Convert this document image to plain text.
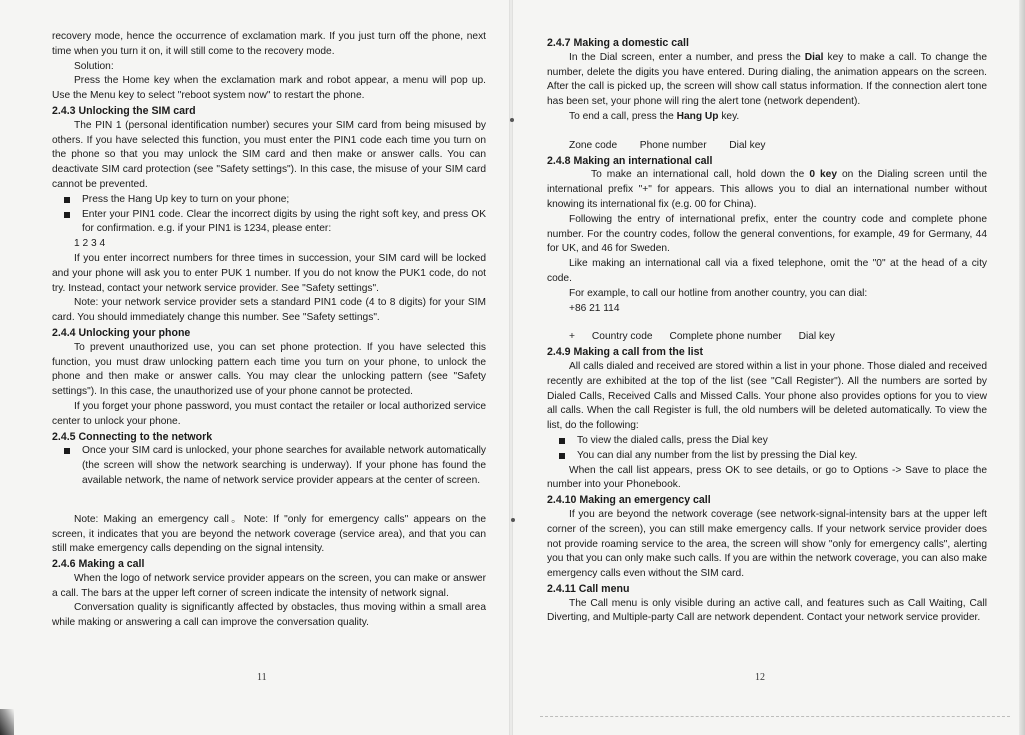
recovery mode, hence the occurrence of exclamation mark. If you just turn off the phone, next time when you turn it on, it will still come to the recovery mode.

Solution:

Press the Home key when the exclamation mark and robot appear, a menu will pop up. Use the Menu key to select "reboot system now" to restart the phone.

2.4.3 Unlocking the SIM card

The PIN 1 (personal identification number) secures your SIM card from being misused by others. If you have selected this function, you must enter the PIN1 code each time you turn on the phone so that you may unlock the SIM card and then make or answer calls. You can deactivate SIM card protection (see "Safety settings"). In this case, the misuse of your SIM card cannot be prevented.

Press the Hang Up key to turn on your phone;
Enter your PIN1 code. Clear the incorrect digits by using the right soft key, and press OK for confirmation. e.g. if your PIN1 is 1234, please enter:

1 2 3 4

If you enter incorrect numbers for three times in succession, your SIM card will be locked and your phone will ask you to enter PUK 1 number. If you do not know the PUK1 code, do not try. Instead, contact your network service provider. See "Safety settings".

Note: your network service provider sets a standard PIN1 code (4 to 8 digits) for your SIM card. You should immediately change this number. See "Safety settings".

2.4.4 Unlocking your phone

To prevent unauthorized use, you can set phone protection. If you have selected this function, you must draw unlocking pattern each time you turn on your phone, to unlock the phone and then make or answer calls. You may clear the unlocking pattern (see "Safety settings"). In this case, the unauthorized use of your phone cannot be protected.

If you forget your phone password, you must contact the retailer or local authorized service center to unlock your phone.

2.4.5 Connecting to the network

Once your SIM card is unlocked, your phone searches for available network automatically (the screen will show the network searching is underway). If your phone has found the available network, the name of network service provider appears at the center of screen.

Note: Making an emergency call。Note: If "only for emergency calls" appears on the screen, it indicates that you are beyond the network coverage (service area), and that you can still make emergency calls depending on the signal intensity.

2.4.6 Making a call

When the logo of network service provider appears on the screen, you can make or answer a call. The bars at the upper left corner of screen indicate the intensity of network signal.

Conversation quality is significantly affected by obstacles, thus moving within a small area while making or answering a call can improve the conversation quality.

11

2.4.7 Making a domestic call

In the Dial screen, enter a number, and press the Dial key to make a call. To change the number, delete the digits you have entered. During dialing, the animation appears on the screen. After the call is picked up, the screen will show call status information. If the connection alert tone has been set, your phone will ring the alert tone (network dependent).

To end a call, press the Hang Up key.

Zone code        Phone number        Dial key

2.4.8 Making an international call

To make an international call, hold down the 0 key on the Dialing screen until the international prefix "+" for appears. This allows you to dial an international number without knowing its international fix (e.g. 00 for China).

Following the entry of international prefix, enter the country code and complete phone number. For the country codes, follow the general conventions, for example, 49 for Germany, 44 for UK, and 46 for Sweden.

Like making an international call via a fixed telephone, omit the "0" at the head of a city code.

For example, to call our hotline from another country, you can dial:

+86 21 114

+      Country code      Complete phone number      Dial key

2.4.9 Making a call from the list

All calls dialed and received are stored within a list in your phone. Those dialed and received recently are exhibited at the top of the list (see "Call Register"). All the numbers are sorted by Dialed Calls, Received Calls and Missed Calls. Your phone also provides options for you to view all calls. When the call Register is full, the old numbers will be deleted automatically. To view the list, do the following:

To view the dialed calls, press the Dial key
You can dial any number from the list by pressing the Dial key.

When the call list appears, press OK to see details, or go to Options -> Save to place the number into your Phonebook.

2.4.10 Making an emergency call

If you are beyond the network coverage (see network-signal-intensity bars at the upper left corner of the screen), you can still make emergency calls. If your network service provider does not provide roaming service to the area, the screen will show "only for emergency calls", alerting you that you can only make such calls. If you are within the network coverage, you can also make emergency calls even without the SIM card.

2.4.11 Call menu

The Call menu is only visible during an active call, and features such as Call Waiting, Call Diverting, and Multiple-party Call are network dependent. Contact your network service provider.

12
